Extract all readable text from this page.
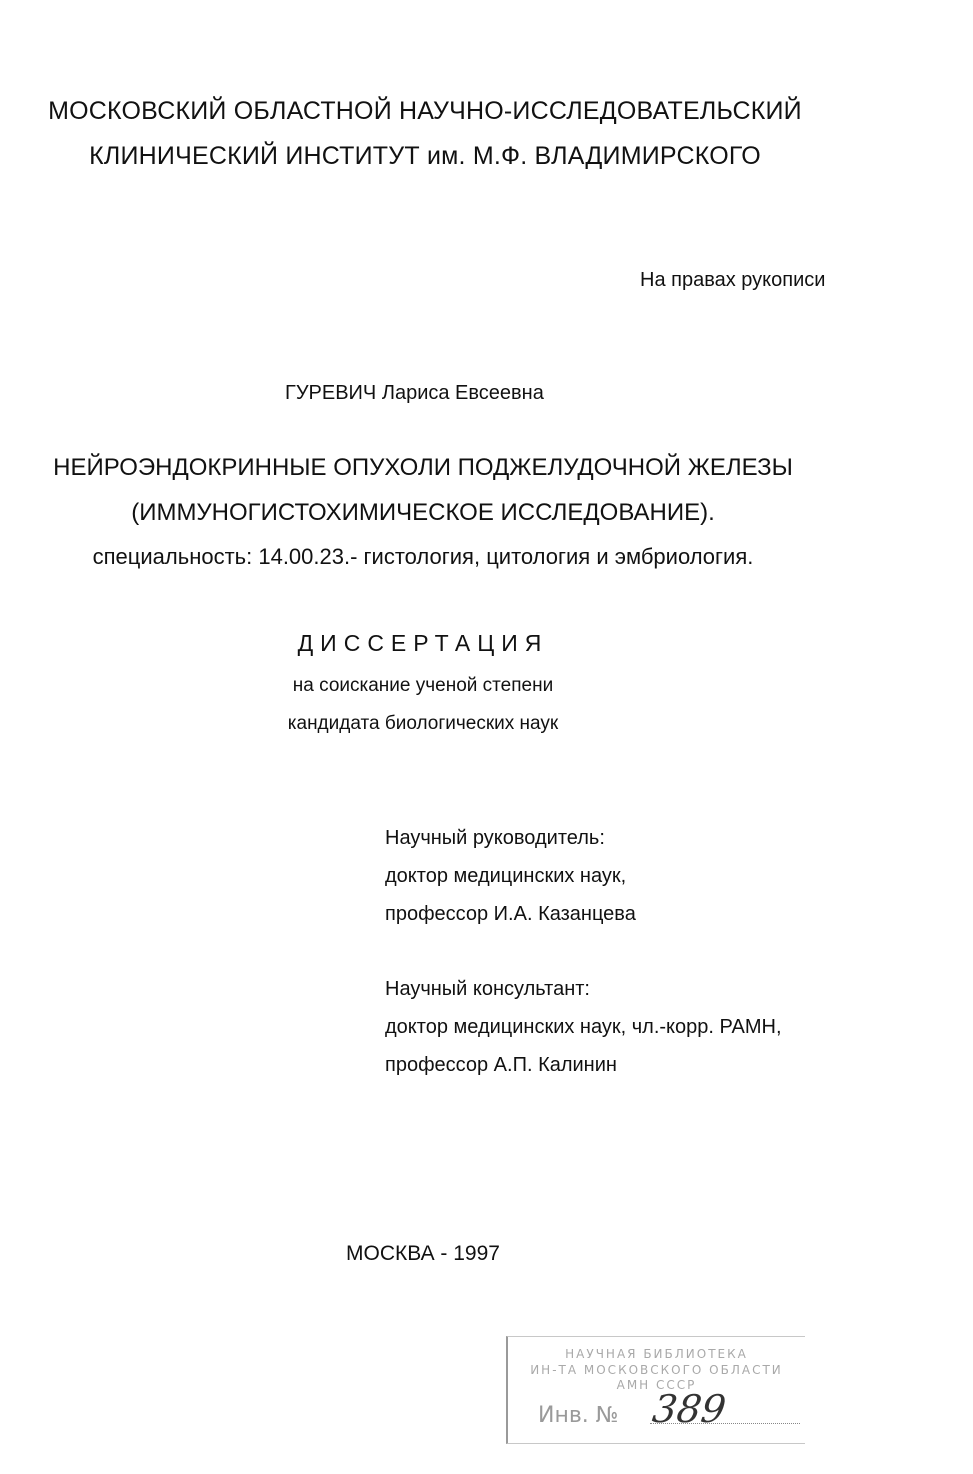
МОСКОВСКИЙ ОБЛАСТНОЙ НАУЧНО-ИССЛЕДОВАТЕЛЬСКИЙ
КЛИНИЧЕСКИЙ ИНСТИТУТ им. М.Ф. ВЛАДИМИРСКОГО
На правах рукописи
ГУРЕВИЧ Лариса Евсеевна
НЕЙРОЭНДОКРИННЫЕ ОПУХОЛИ ПОДЖЕЛУДОЧНОЙ ЖЕЛЕЗЫ
(ИММУНОГИСТОХИМИЧЕСКОЕ ИССЛЕДОВАНИЕ).
специальность: 14.00.23.- гистология, цитология и эмбриология.
ДИССЕРТАЦИЯ
на соискание ученой степени
кандидата биологических наук
Научный руководитель:
доктор медицинских наук,
профессор И.А. Казанцева
Научный консультант:
доктор медицинских наук, чл.-корр. РАМН,
профессор А.П. Калинин
МОСКВА - 1997
НАУЧНАЯ БИБЛИОТЕКА
ИН-ТА МОСКОВСКОГО ОБЛАСТИ
АМН СССР
Инв. № 389
